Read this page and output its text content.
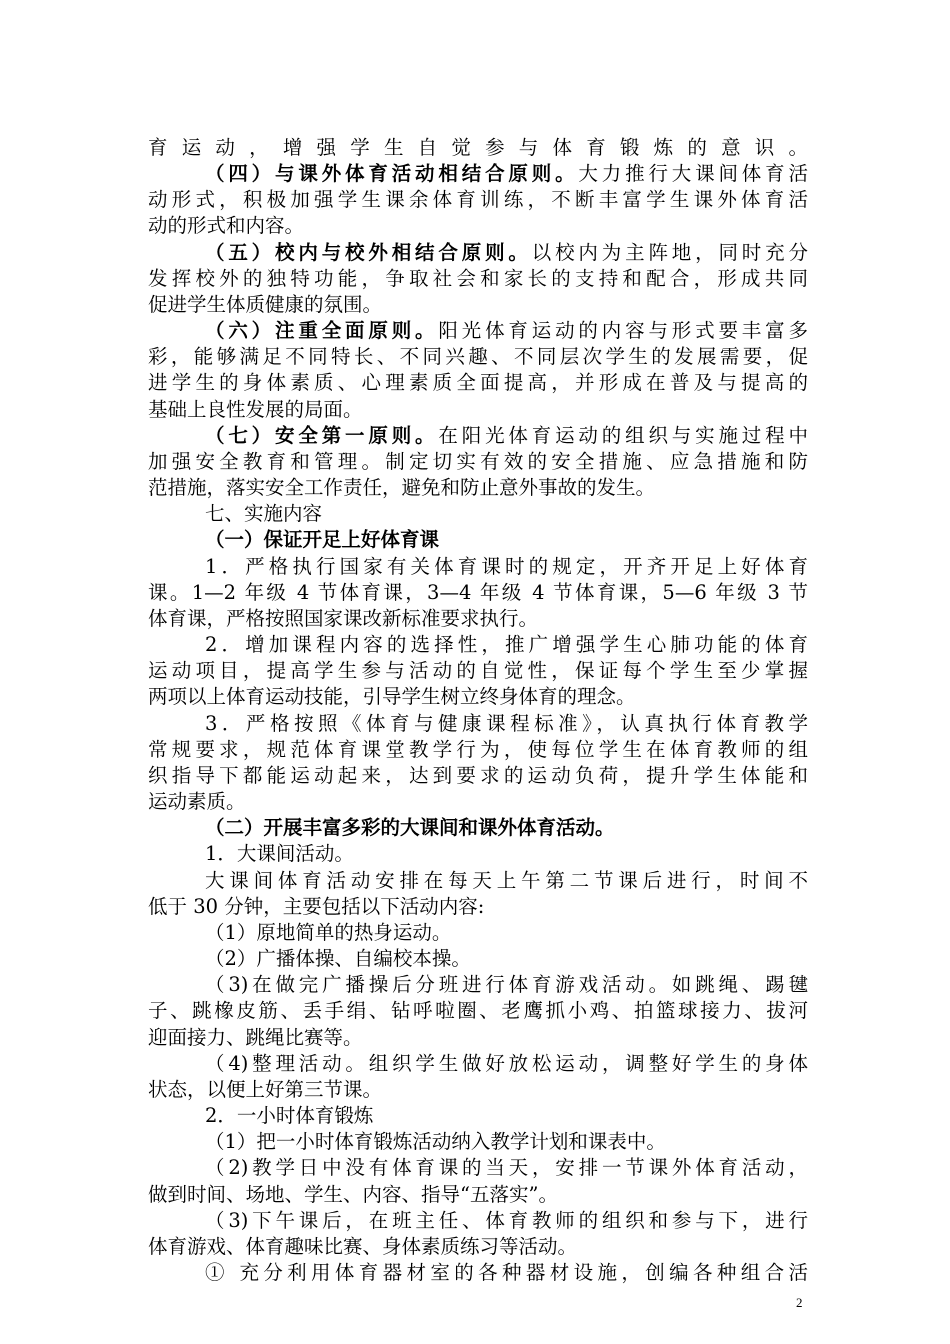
育运动，增强学生自觉参与体育锻炼的意识。
（四）与课外体育活动相结合原则。大力推行大课间体育活
动形式，积极加强学生课余体育训练，不断丰富学生课外体育活
动的形式和内容。
（五）校内与校外相结合原则。以校内为主阵地，同时充分
发挥校外的独特功能，争取社会和家长的支持和配合，形成共同
促进学生体质健康的氛围。
（六）注重全面原则。阳光体育运动的内容与形式要丰富多
彩，能够满足不同特长、不同兴趣、不同层次学生的发展需要，促
进学生的身体素质、心理素质全面提高，并形成在普及与提高的
基础上良性发展的局面。
（七）安全第一原则。在阳光体育运动的组织与实施过程中
加强安全教育和管理。制定切实有效的安全措施、应急措施和防
范措施，落实安全工作责任，避免和防止意外事故的发生。
七、实施内容
（一）保证开足上好体育课
1．严格执行国家有关体育课时的规定，开齐开足上好体育
课。1—2 年级 4 节体育课，3—4 年级 4 节体育课，5—6 年级 3 节
体育课，严格按照国家课改新标准要求执行。
2．增加课程内容的选择性，推广增强学生心肺功能的体育
运动项目，提高学生参与活动的自觉性，保证每个学生至少掌握
两项以上体育运动技能，引导学生树立终身体育的理念。
3．严格按照《体育与健康课程标准》，认真执行体育教学
常规要求，规范体育课堂教学行为，使每位学生在体育教师的组
织指导下都能运动起来，达到要求的运动负荷，提升学生体能和
运动素质。
（二）开展丰富多彩的大课间和课外体育活动。
1．大课间活动。
大课间体育活动安排在每天上午第二节课后进行，时间不
低于 30 分钟，主要包括以下活动内容:
（1）原地简单的热身运动。
（2）广播体操、自编校本操。
（3)在做完广播操后分班进行体育游戏活动。如跳绳、踢毽
子、跳橡皮筋、丢手绢、钻呼啦圈、老鹰抓小鸡、拍篮球接力、拔河
迎面接力、跳绳比赛等。
（4)整理活动。组织学生做好放松运动，调整好学生的身体
状态，以便上好第三节课。
2．一小时体育锻炼
（1）把一小时体育锻炼活动纳入教学计划和课表中。
（2)教学日中没有体育课的当天，安排一节课外体育活动，
做到时间、场地、学生、内容、指导“五落实”。
（3)下午课后，在班主任、体育教师的组织和参与下，进行
体育游戏、体育趣味比赛、身体素质练习等活动。
① 充分利用体育器材室的各种器材设施，创编各种组合活
2
